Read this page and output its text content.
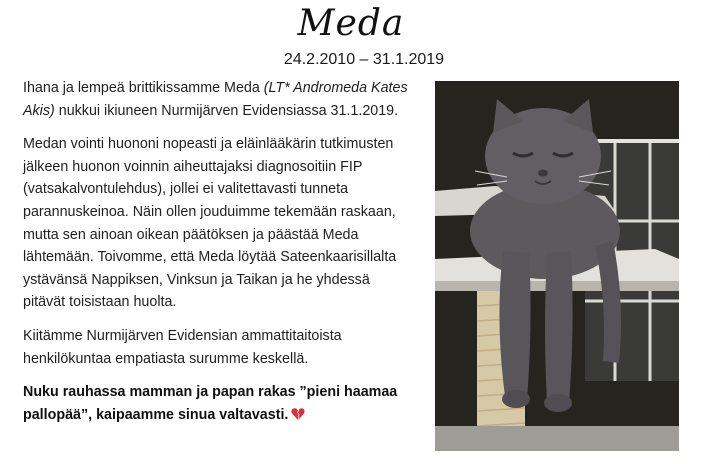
Meda
24.2.2010 – 31.1.2019

Ihana ja lempeä brittikissamme Meda (LT* Andromeda Kates Akis) nukkui ikiuneen Nurmijärven Evidensiassa 31.1.2019.

Medan vointi huononi nopeasti ja eläinlääkärin tutkimusten jälkeen huonon voinnin aiheuttajaksi diagnosoitiin FIP (vatsakalvontulehdus), jollei ei valitettavasti tunneta parannuskeinoa. Näin ollen jouduimme tekemään raskaan, mutta sen ainoan oikean päätöksen ja päästää Meda lähtemään. Toivomme, että Meda löytää Sateenkaarisillalta ystävänsä Nappiksen, Vinksun ja Taikan ja he yhdessä pitävät toisistaan huolta.

Kiitämme Nurmijärven Evidensian ammattitaitoista henkilökuntaa empatiasta surumme keskellä.

Nuku rauhassa mamman ja papan rakas ”pieni haamaa pallopää”, kaipaamme sinua valtavasti.
